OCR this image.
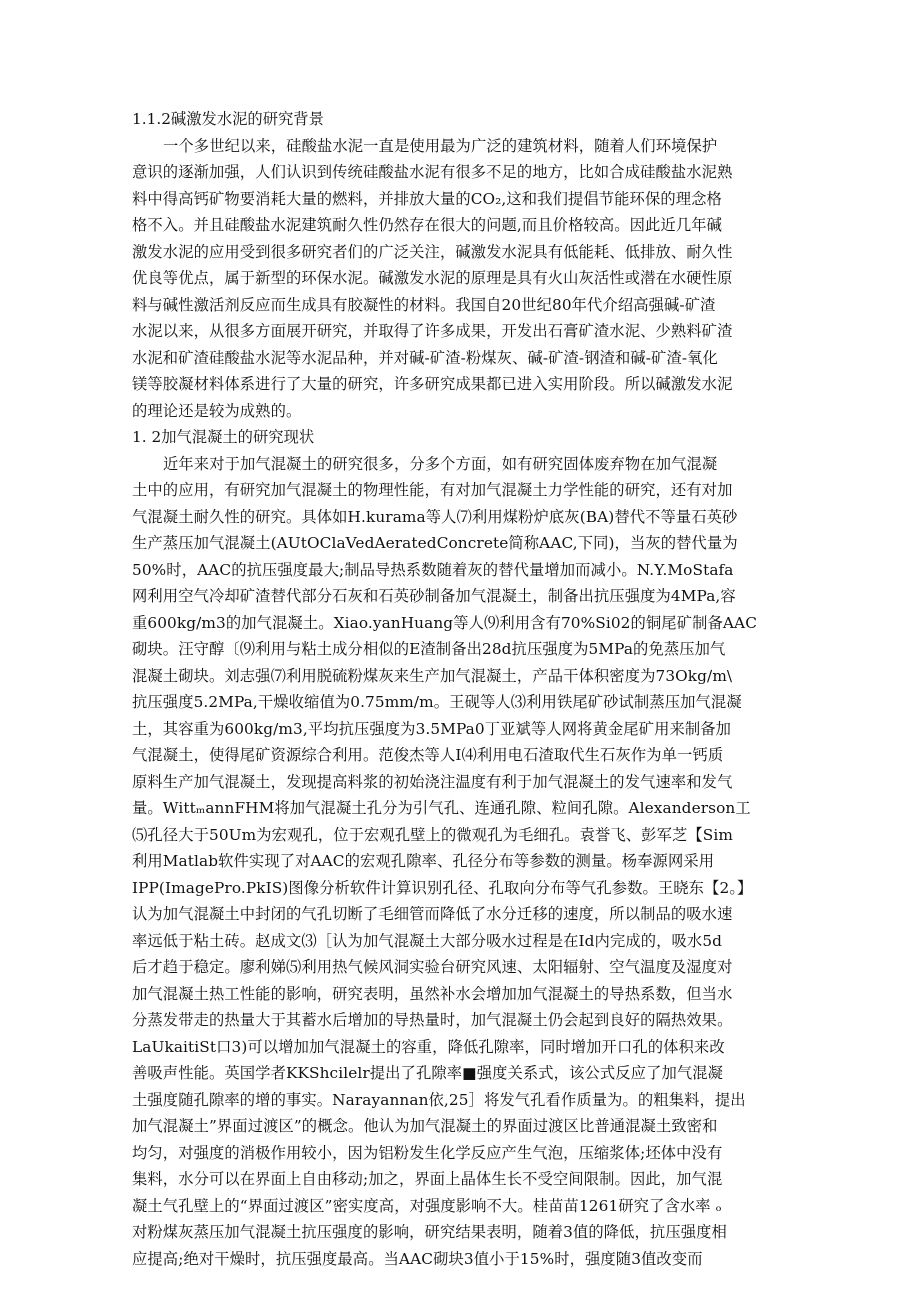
1.1.2碱激发水泥的研究背景
一个多世纪以来，硅酸盐水泥一直是使用最为广泛的建筑材料，随着人们环境保护
意识的逐渐加强，人们认识到传统硅酸盐水泥有很多不足的地方，比如合成硅酸盐水泥熟
料中得高钙矿物要消耗大量的燃料，并排放大量的CO₂,这和我们提倡节能环保的理念格
格不入。并且硅酸盐水泥建筑耐久性仍然存在很大的问题,而且价格较高。因此近几年碱
激发水泥的应用受到很多研究者们的广泛关注，碱激发水泥具有低能耗、低排放、耐久性
优良等优点，属于新型的环保水泥。碱激发水泥的原理是具有火山灰活性或潜在水硬性原
料与碱性激活剂反应而生成具有胶凝性的材料。我国自20世纪80年代介绍高强碱-矿渣
水泥以来，从很多方面展开研究，并取得了许多成果，开发出石膏矿渣水泥、少熟料矿渣
水泥和矿渣硅酸盐水泥等水泥品种，并对碱-矿渣-粉煤灰、碱-矿渣-钢渣和碱-矿渣-氧化
镁等胶凝材料体系进行了大量的研究，许多研究成果都已进入实用阶段。所以碱激发水泥
的理论还是较为成熟的。
1. 2加气混凝土的研究现状
近年来对于加气混凝土的研究很多，分多个方面，如有研究固体废弃物在加气混凝
土中的应用，有研究加气混凝土的物理性能，有对加气混凝土力学性能的研究，还有对加
气混凝土耐久性的研究。具体如H.kurama等人⑺利用煤粉炉底灰(BA)替代不等量石英砂
生产蒸压加气混凝土(AUtOClaVedAeratedConcrete简称AAC,下同)，当灰的替代量为
50%时，AAC的抗压强度最大;制品导热系数随着灰的替代量增加而减小。N.Y.MoStafa
网利用空气冷却矿渣替代部分石灰和石英砂制备加气混凝土，制备出抗压强度为4MPa,容
重600kg∕m3的加气混凝土。Xiao.yanHuang等人⑼利用含有70%Si02的铜尾矿制备AAC
砌块。汪守醇〔⑼利用与粘土成分相似的E渣制备出28d抗压强度为5MPa的免蒸压加气
混凝土砌块。刘志强⑺利用脱硫粉煤灰来生产加气混凝土，产品干体积密度为73Okg∕m\
抗压强度5.2MPa,干燥收缩值为0.75mm/m。王砚等人⑶利用铁尾矿砂试制蒸压加气混凝
土，其容重为600kg/m3,平均抗压强度为3.5MPa0丁亚斌等人网将黄金尾矿用来制备加
气混凝土，使得尾矿资源综合利用。范俊杰等人I⑷利用电石渣取代生石灰作为单一钙质
原料生产加气混凝土，发现提高料浆的初始浇注温度有利于加气混凝土的发气速率和发气
量。WittₘannFHM将加气混凝土孔分为引气孔、连通孔隙、粒间孔隙。Alexanderson工
⑸孔径大于50Um为宏观孔，位于宏观孔壁上的微观孔为毛细孔。袁誉飞、彭军芝【Sim
利用Matlab软件实现了对AAC的宏观孔隙率、孔径分布等参数的测量。杨奉源网采用
IPP(ImagePro.PkIS)图像分析软件计算识别孔径、孔取向分布等气孔参数。王晓东【2。】
认为加气混凝土中封闭的气孔切断了毛细管而降低了水分迁移的速度，所以制品的吸水速
率远低于粘土砖。赵成文⑶［认为加气混凝土大部分吸水过程是在Id内完成的，吸水5d
后才趋于稳定。廖利娣⑸利用热气候风洞实验台研究风速、太阳辐射、空气温度及湿度对
加气混凝土热工性能的影响，研究表明，虽然补水会增加加气混凝土的导热系数，但当水
分蒸发带走的热量大于其蓄水后增加的导热量时，加气混凝土仍会起到良好的隔热效果。
LaUkaitiSt口3)可以增加加气混凝土的容重，降低孔隙率，同时增加开口孔的体积来改
善吸声性能。英国学者KKShcilelr提出了孔隙率■强度关系式，该公式反应了加气混凝
土强度随孔隙率的增的事实。Narayannan依,25］将发气孔看作质量为。的粗集料，提出
加气混凝土”界面过渡区”的概念。他认为加气混凝土的界面过渡区比普通混凝土致密和
均匀，对强度的消极作用较小，因为铝粉发生化学反应产生气泡，压缩浆体;坯体中没有
集料，水分可以在界面上自由移动;加之，界面上晶体生长不受空间限制。因此，加气混
凝土气孔壁上的“界面过渡区”密实度高，对强度影响不大。桂苗苗1261研究了含水率 ₒ
对粉煤灰蒸压加气混凝土抗压强度的影响，研究结果表明，随着3值的降低，抗压强度相
应提高;绝对干燥时，抗压强度最高。当AAC砌块3值小于15%时，强度随3值改变而
